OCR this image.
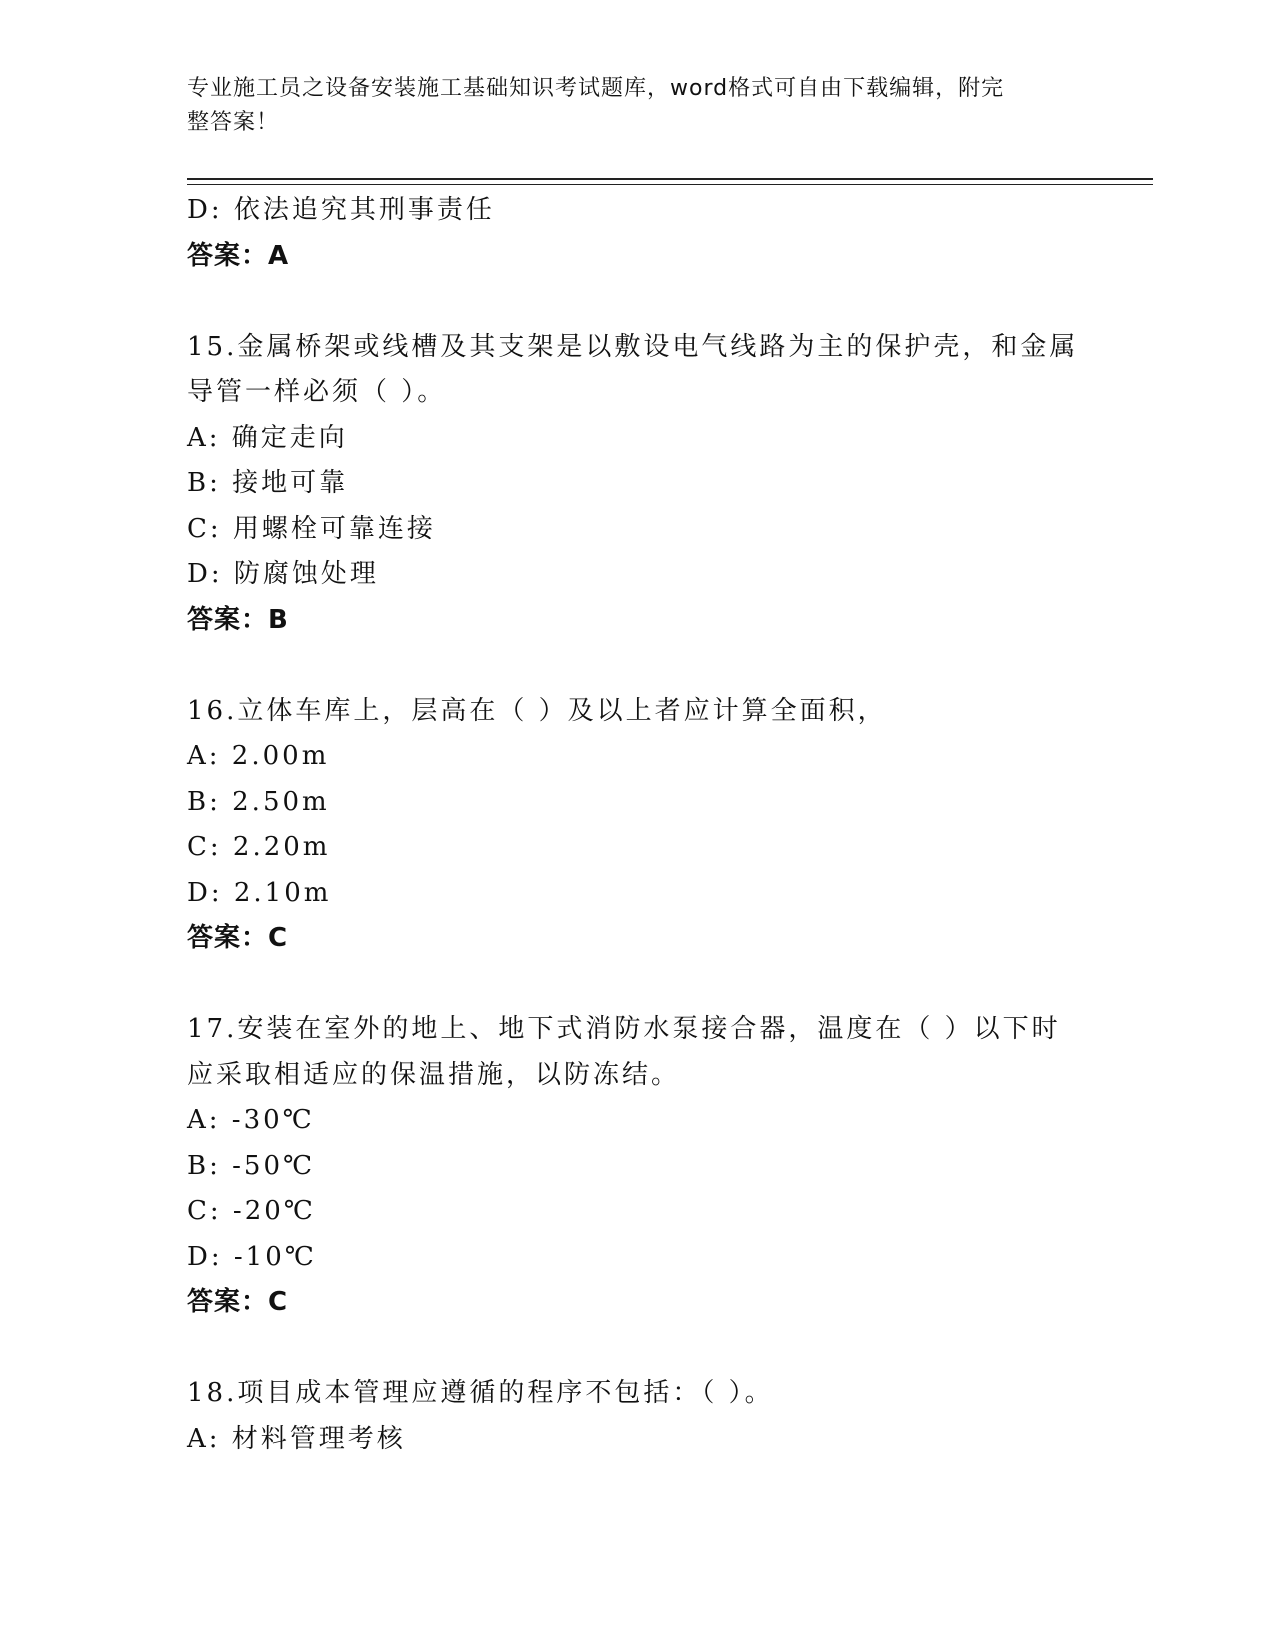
专业施工员之设备安装施工基础知识考试题库，word格式可自由下载编辑，附完
整答案！
D: 依法追究其刑事责任
答案：A
15.金属桥架或线槽及其支架是以敷设电气线路为主的保护壳，和金属
导管一样必须（ ）。
A: 确定走向
B: 接地可靠
C: 用螺栓可靠连接
D: 防腐蚀处理
答案：B
16.立体车库上，层高在（ ）及以上者应计算全面积，
A: 2.00m
B: 2.50m
C: 2.20m
D: 2.10m
答案：C
17.安装在室外的地上、地下式消防水泵接合器，温度在（ ）以下时
应采取相适应的保温措施，以防冻结。
A: -30℃
B: -50℃
C: -20℃
D: -10℃
答案：C
18.项目成本管理应遵循的程序不包括：（ ）。
A: 材料管理考核
